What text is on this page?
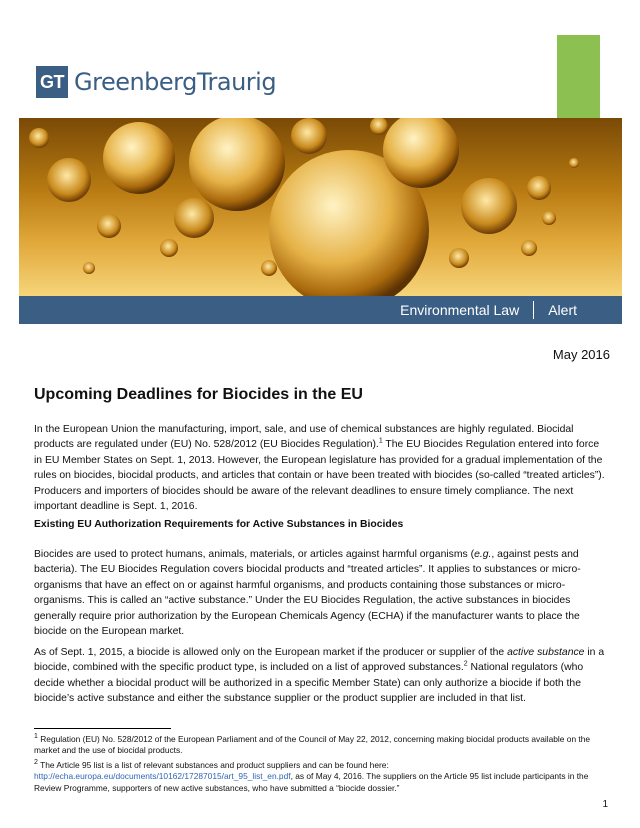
GT GreenbergTraurig
Environmental Law Alert
May 2016
Upcoming Deadlines for Biocides in the EU

In the European Union the manufacturing, import, sale, and use of chemical substances are highly regulated. Biocidal products are regulated under (EU) No. 528/2012 (EU Biocides Regulation).$^1$ The EU Biocides Regulation entered into force in EU Member States on Sept. 1, 2013. However, the European legislature has provided for a gradual implementation of the rules on biocides, biocidal products, and articles that contain or have been treated with biocides (so-called “treated articles”). Producers and importers of biocides should be aware of the relevant deadlines to ensure timely compliance. The next important deadline is Sept. 1, 2016.

Existing EU Authorization Requirements for Active Substances in Biocides

Biocides are used to protect humans, animals, materials, or articles against harmful organisms (e.g., against pests and bacteria). The EU Biocides Regulation covers biocidal products and “treated articles”. It applies to substances or micro-organisms that have an effect on or against harmful organisms, and products containing those substances or micro-organisms. This is called an “active substance.” Under the EU Biocides Regulation, the active substances in biocides generally require prior authorization by the European Chemicals Agency (ECHA) if the manufacturer wants to place the biocide on the European market.

As of Sept. 1, 2015, a biocide is allowed only on the European market if the producer or supplier of the active substance in a biocide, combined with the specific product type, is included on a list of approved substances.$^2$ National regulators (who decide whether a biocidal product will be authorized in a specific Member State) can only authorize a biocide if both the biocide’s active substance and either the substance supplier or the product supplier are included in that list.

$^1$ Regulation (EU) No. 528/2012 of the European Parliament and of the Council of May 22, 2012, concerning making biocidal products available on the market and the use of biocidal products.

$^2$ The Article 95 list is a list of relevant substances and product suppliers and can be found here:
http://echa.europa.eu/documents/10162/17287015/art_95_list_en.pdf, as of May 4, 2016. The suppliers on the Article 95 list include participants in the Review Programme, supporters of new active substances, who have submitted a “biocide dossier.”

1
